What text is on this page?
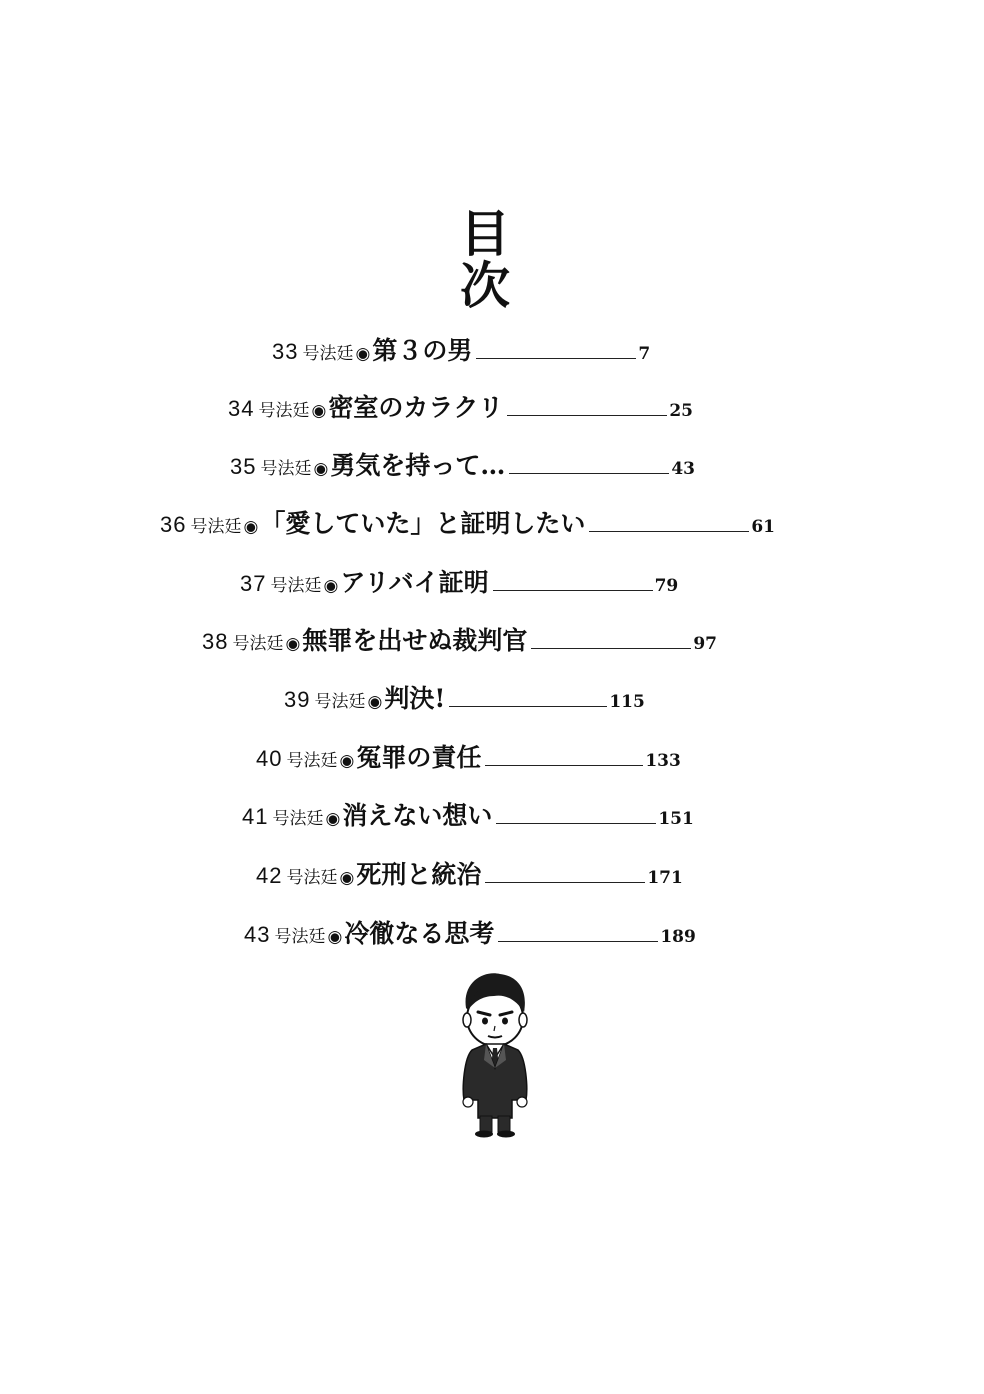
目
次
33 号法廷 ◉ 第３の男	7
34 号法廷 ◉ 密室のカラクリ	25
35 号法廷 ◉ 勇気を持って…	43
36 号法廷 ◉ 「愛していた」と証明したい	61
37 号法廷 ◉ アリバイ証明	79
38 号法廷 ◉ 無罪を出せぬ裁判官	97
39 号法廷 ◉ 判決!	115
40 号法廷 ◉ 冤罪の責任	133
41 号法廷 ◉ 消えない想い	151
42 号法廷 ◉ 死刑と統治	171
43 号法廷 ◉ 冷徹なる思考	189
